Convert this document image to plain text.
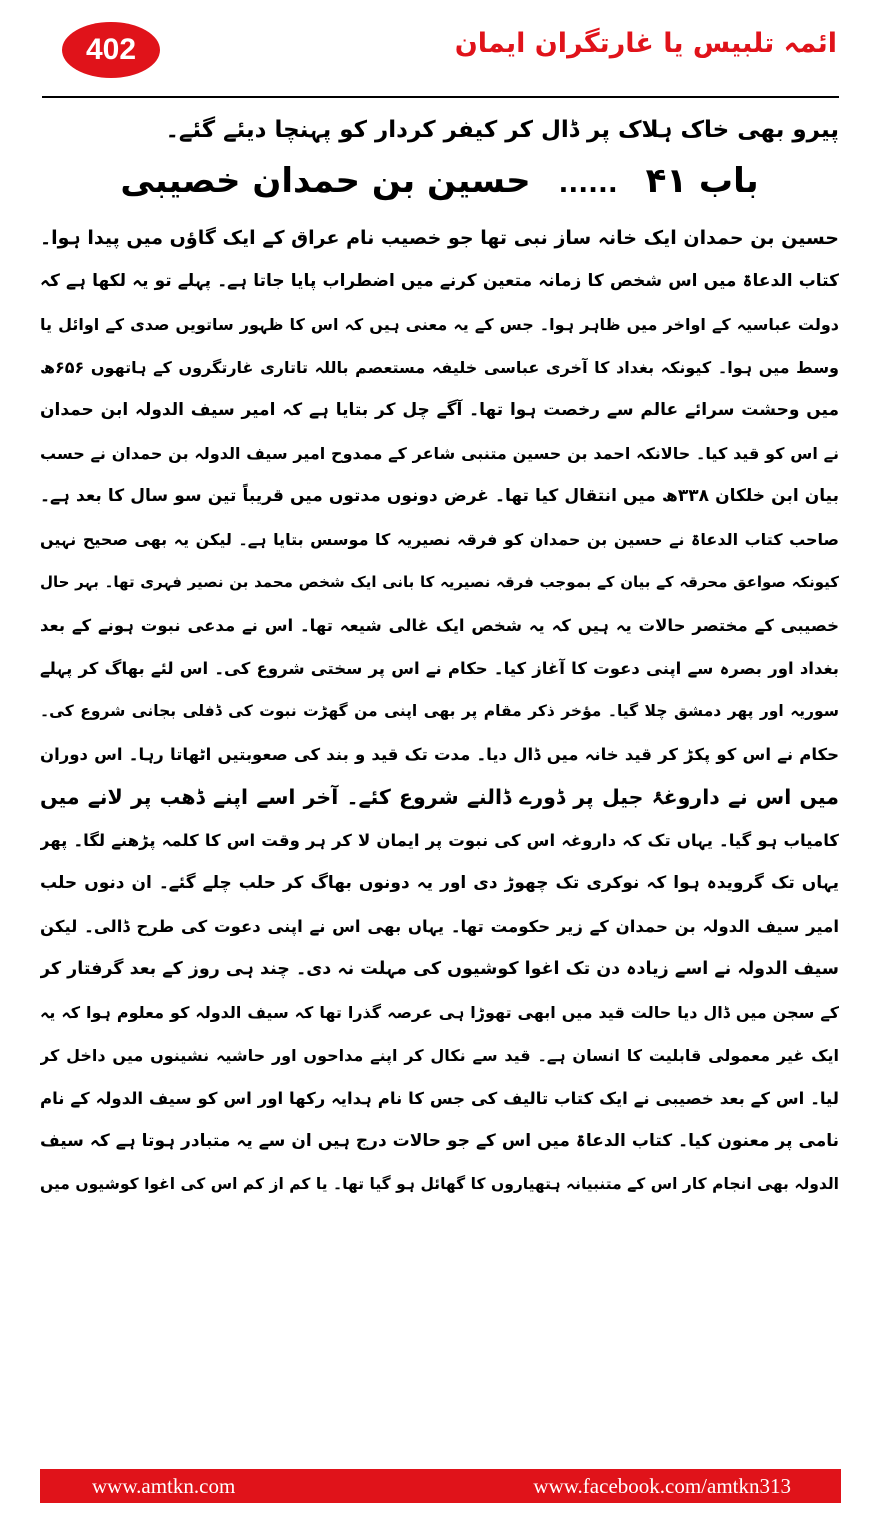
402	ائمہ تلبیس یا غارتگران ایمان

پیرو بھی خاک ہلاک پر ڈال کر کیفر کردار کو پہنچا دیئے گئے۔

باب ۴۱ ...... حسین بن حمدان خصیبی
حسین بن حمدان ایک خانہ ساز نبی تھا جو خصیب نام عراق کے ایک گاؤں میں پیدا ہوا۔
کتاب الدعاۃ میں اس شخص کا زمانہ متعین کرنے میں اضطراب پایا جاتا ہے۔ پہلے تو یہ لکھا ہے کہ
دولت عباسیہ کے اواخر میں ظاہر ہوا۔ جس کے یہ معنی ہیں کہ اس کا ظہور ساتویں صدی کے اوائل یا
وسط میں ہوا۔ کیونکہ بغداد کا آخری عباسی خلیفہ مستعصم باللہ تاتاری غارتگروں کے ہاتھوں ۶۵۶ھ
میں وحشت سرائے عالم سے رخصت ہوا تھا۔ آگے چل کر بتایا ہے کہ امیر سیف الدولہ ابن حمدان
نے اس کو قید کیا۔ حالانکہ احمد بن حسین متنبی شاعر کے ممدوح امیر سیف الدولہ بن حمدان نے حسب
بیان ابن خلکان ۳۳۸ھ میں انتقال کیا تھا۔ غرض دونوں مدتوں میں قریباً تین سو سال کا بعد ہے۔
صاحب کتاب الدعاۃ نے حسین بن حمدان کو فرقہ نصیریہ کا موسس بتایا ہے۔ لیکن یہ بھی صحیح نہیں
کیونکہ صواعق محرقہ کے بیان کے بموجب فرقہ نصیریہ کا بانی ایک شخص محمد بن نصیر فہری تھا۔ بہر حال
خصیبی کے مختصر حالات یہ ہیں کہ یہ شخص ایک غالی شیعہ تھا۔ اس نے مدعی نبوت ہونے کے بعد
بغداد اور بصرہ سے اپنی دعوت کا آغاز کیا۔ حکام نے اس پر سختی شروع کی۔ اس لئے بھاگ کر پہلے
سوریہ اور پھر دمشق چلا گیا۔ مؤخر ذکر مقام پر بھی اپنی من گھڑت نبوت کی ڈفلی بجانی شروع کی۔
حکام نے اس کو پکڑ کر قید خانہ میں ڈال دیا۔ مدت تک قید و بند کی صعوبتیں اٹھاتا رہا۔ اس دوران
میں اس نے داروغۂ جیل پر ڈورے ڈالنے شروع کئے۔ آخر اسے اپنے ڈھب پر لانے میں
کامیاب ہو گیا۔ یہاں تک کہ داروغہ اس کی نبوت پر ایمان لا کر ہر وقت اس کا کلمہ پڑھنے لگا۔ پھر
یہاں تک گرویدہ ہوا کہ نوکری تک چھوڑ دی اور یہ دونوں بھاگ کر حلب چلے گئے۔ ان دنوں حلب
امیر سیف الدولہ بن حمدان کے زیر حکومت تھا۔ یہاں بھی اس نے اپنی دعوت کی طرح ڈالی۔ لیکن
سیف الدولہ نے اسے زیادہ دن تک اغوا کوشیوں کی مہلت نہ دی۔ چند ہی روز کے بعد گرفتار کر
کے سجن میں ڈال دیا حالت قید میں ابھی تھوڑا ہی عرصہ گذرا تھا کہ سیف الدولہ کو معلوم ہوا کہ یہ
ایک غیر معمولی قابلیت کا انسان ہے۔ قید سے نکال کر اپنے مداحوں اور حاشیہ نشینوں میں داخل کر
لیا۔ اس کے بعد خصیبی نے ایک کتاب تالیف کی جس کا نام ہدایہ رکھا اور اس کو سیف الدولہ کے نام
نامی پر معنون کیا۔ کتاب الدعاۃ میں اس کے جو حالات درج ہیں ان سے یہ متبادر ہوتا ہے کہ سیف
الدولہ بھی انجام کار اس کے متنبیانہ ہتھیاروں کا گھائل ہو گیا تھا۔ یا کم از کم اس کی اغوا کوشیوں میں
www.amtkn.com	www.facebook.com/amtkn313
